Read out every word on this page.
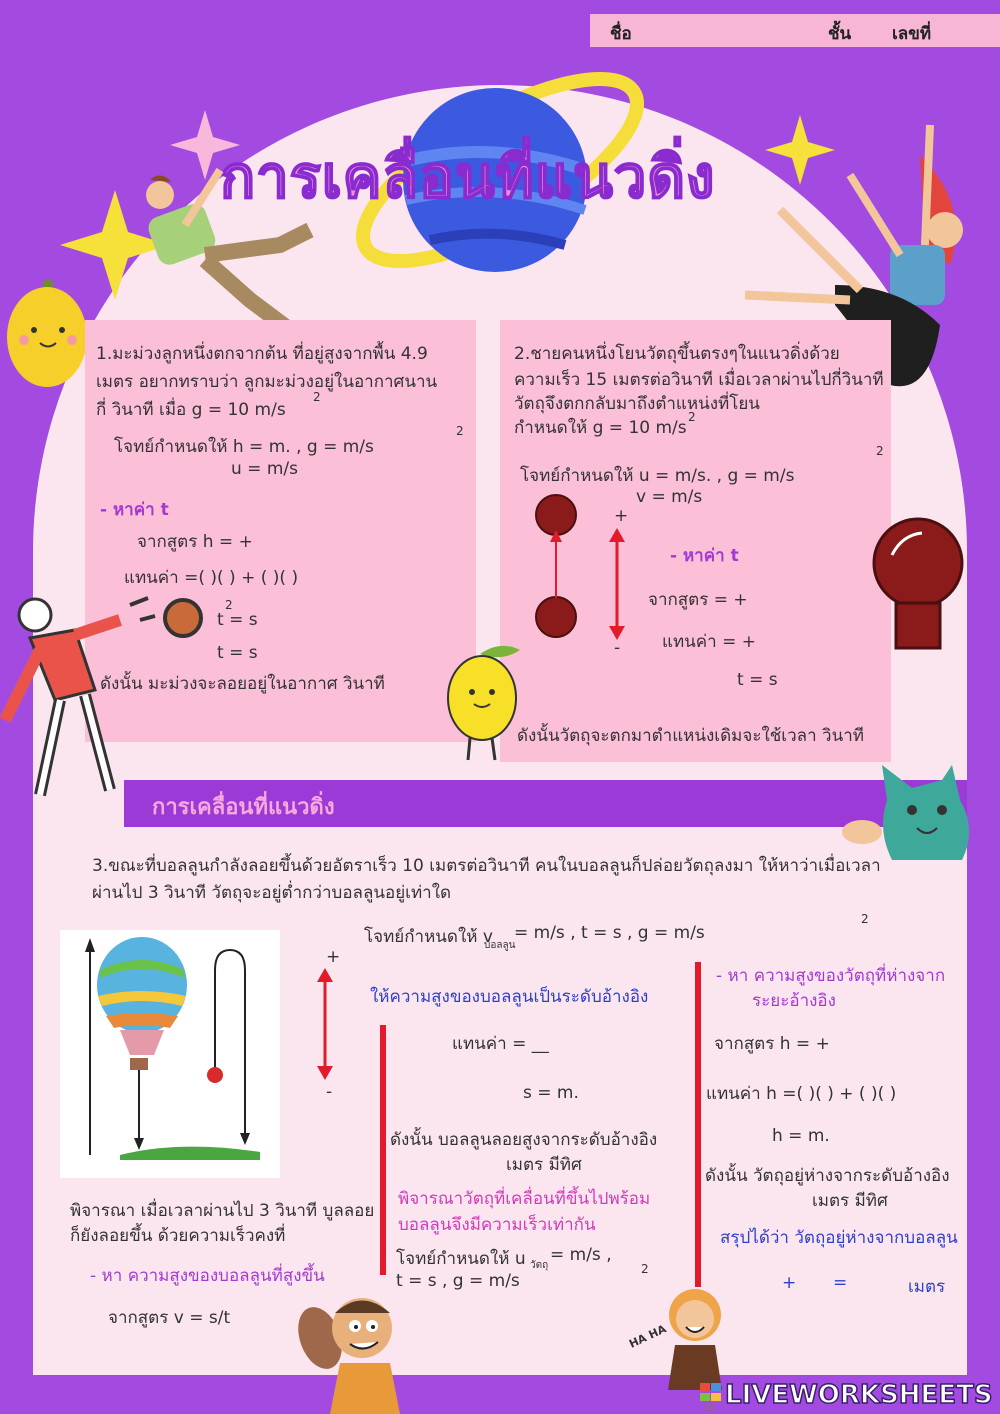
ชื่อ	ชั้น เลขที่
การเคลื่อนที่แนวดิ่ง
1.มะม่วงลูกหนึ่งตกจากต้น ที่อยู่สูงจากพื้น 4.9
เมตร อยากทราบว่า ลูกมะม่วงอยู่ในอากาศนาน
กี่ วินาที เมื่อ g = 10 m/s
2
โจทย์กำหนดให้ h = m. , g = m/s
2
u = m/s
- หาค่า t
จากสูตร h = +
แทนค่า =( )( ) + ( )( )
2
t = s
t = s
ดังนั้น มะม่วงจะลอยอยู่ในอากาศ วินาที
2.ชายคนหนึ่งโยนวัตถุขึ้นตรงๆในแนวดิ่งด้วย
ความเร็ว 15 เมตรต่อวินาที เมื่อเวลาผ่านไปกี่วินาที
วัตถุจึงตกกลับมาถึงตำแหน่งที่โยน
กำหนดให้ g = 10 m/s
2
โจทย์กำหนดให้ u = m/s. , g = m/s
2
v = m/s
+
-
- หาค่า t
จากสูตร = +
แทนค่า = +
t = s
ดังนั้นวัตถุจะตกมาตำแหน่งเดิมจะใช้เวลา วินาที
การเคลื่อนที่แนวดิ่ง
3.ขณะที่บอลลูนกำลังลอยขึ้นด้วยอัตราเร็ว 10 เมตรต่อวินาที คนในบอลลูนก็ปล่อยวัตถุลงมา ให้หาว่าเมื่อเวลา
ผ่านไป 3 วินาที วัตถุจะอยู่ต่ำกว่าบอลลูนอยู่เท่าใด
โจทย์กำหนดให้ v
บอลลูน
= m/s , t = s , g = m/s
2
+
-
ให้ความสูงของบอลลูนเป็นระดับอ้างอิง
แทนค่า = __
s = m.
ดังนั้น บอลลูนลอยสูงจากระดับอ้างอิง
เมตร มีทิศ
พิจารณาวัตถุที่เคลื่อนที่ขึ้นไปพร้อม
บอลลูนจึงมีความเร็วเท่ากัน
โจทย์กำหนดให้ u วัตถุ
= m/s ,
t = s , g = m/s
2
พิจารณา เมื่อเวลาผ่านไป 3 วินาที บูลลอย
ก็ยังลอยขึ้น ด้วยความเร็วคงที่
- หา ความสูงของบอลลูนที่สูงขึ้น
จากสูตร v = s/t
- หา ความสูงของวัตถุที่ห่างจาก
ระยะอ้างอิง
จากสูตร h = +
แทนค่า h =( )( ) + ( )( )
h = m.
ดังนั้น วัตถุอยู่ห่างจากระดับอ้างอิง
เมตร มีทิศ
สรุปได้ว่า วัตถุอยู่ห่างจากบอลลูน
+ =	เมตร
HA HA
LIVEWORKSHEETS
